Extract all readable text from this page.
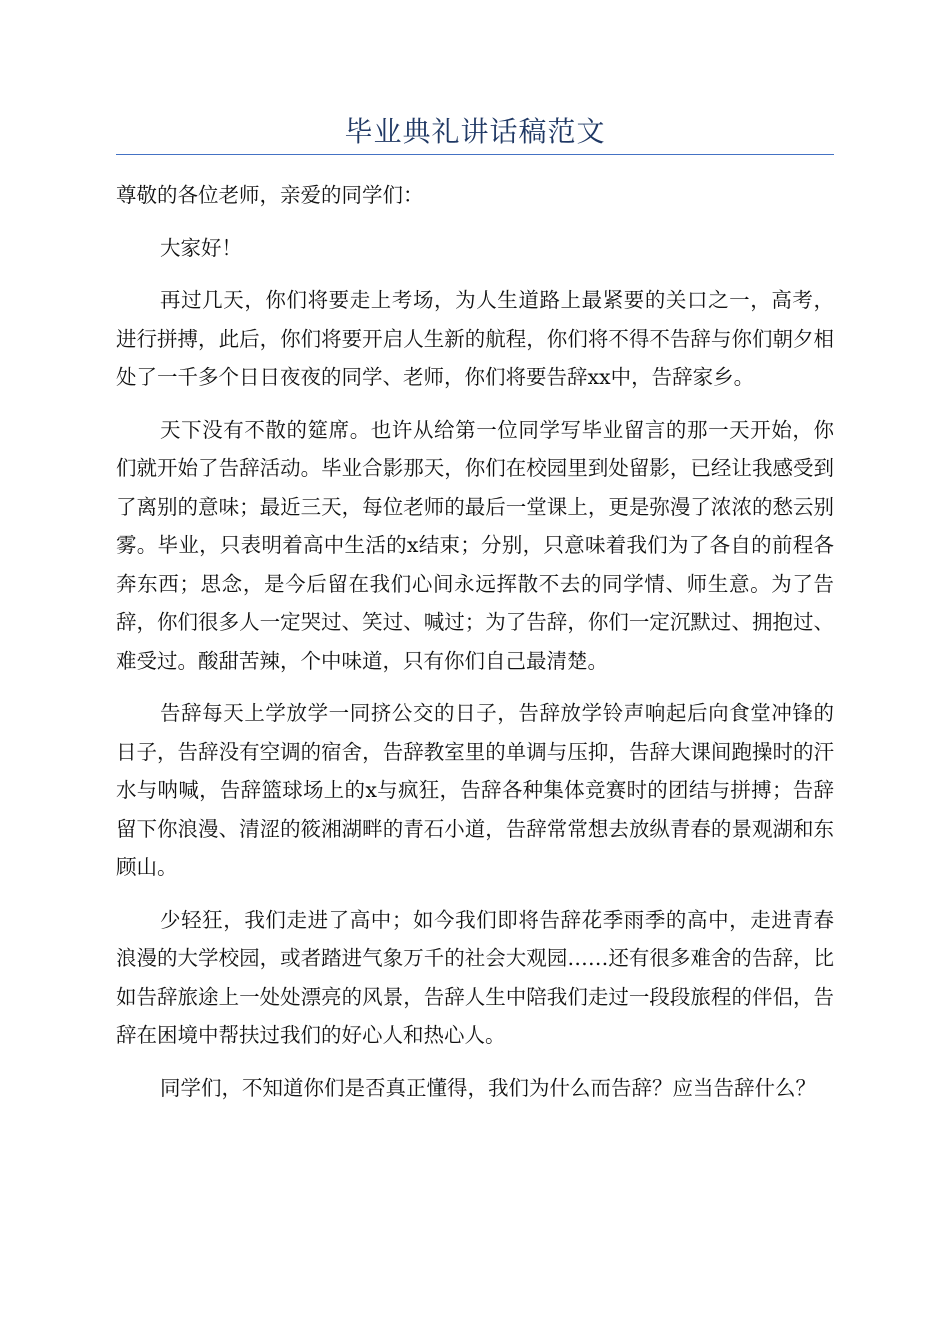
毕业典礼讲话稿范文

尊敬的各位老师，亲爱的同学们：

大家好！

再过几天，你们将要走上考场，为人生道路上最紧要的关口之一，高考，进行拼搏，此后，你们将要开启人生新的航程，你们将不得不告辞与你们朝夕相处了一千多个日日夜夜的同学、老师，你们将要告辞xx中，告辞家乡。

天下没有不散的筵席。也许从给第一位同学写毕业留言的那一天开始，你们就开始了告辞活动。毕业合影那天，你们在校园里到处留影，已经让我感受到了离别的意味；最近三天，每位老师的最后一堂课上，更是弥漫了浓浓的愁云别雾。毕业，只表明着高中生活的x结束；分别，只意味着我们为了各自的前程各奔东西；思念，是今后留在我们心间永远挥散不去的同学情、师生意。为了告辞，你们很多人一定哭过、笑过、喊过；为了告辞，你们一定沉默过、拥抱过、难受过。酸甜苦辣，个中味道，只有你们自己最清楚。

告辞每天上学放学一同挤公交的日子，告辞放学铃声响起后向食堂冲锋的日子，告辞没有空调的宿舍，告辞教室里的单调与压抑，告辞大课间跑操时的汗水与呐喊，告辞篮球场上的x与疯狂，告辞各种集体竞赛时的团结与拼搏；告辞留下你浪漫、清涩的筱湘湖畔的青石小道，告辞常常想去放纵青春的景观湖和东顾山。

少轻狂，我们走进了高中；如今我们即将告辞花季雨季的高中，走进青春浪漫的大学校园，或者踏进气象万千的社会大观园……还有很多难舍的告辞，比如告辞旅途上一处处漂亮的风景，告辞人生中陪我们走过一段段旅程的伴侣，告辞在困境中帮扶过我们的好心人和热心人。

同学们，不知道你们是否真正懂得，我们为什么而告辞？应当告辞什么？
